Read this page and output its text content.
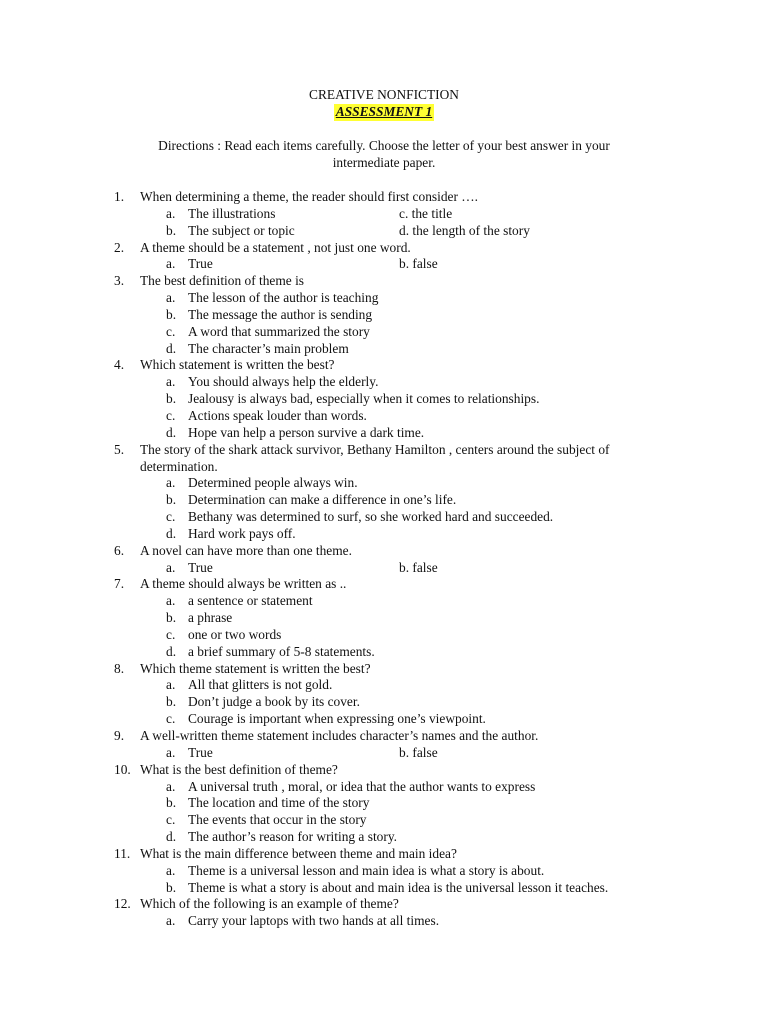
CREATIVE NONFICTION
ASSESSMENT 1
Directions : Read each items carefully. Choose the letter of your best answer in your
intermediate paper.
1.	When determining a theme, the reader should first consider ….
a. The illustrations	c. the title
b. The subject or topic	d. the length of the story
2.	A theme should be a statement , not just one word.
a. True	b. false
3.	The best definition of theme is
a. The lesson of the author is teaching
b. The message the author is sending
c. A word that summarized the story
d. The character’s main problem
4.	Which statement is written the best?
a. You should always help the elderly.
b. Jealousy is always bad, especially when it comes to relationships.
c. Actions speak louder than words.
d. Hope van help a person survive a dark time.
5.	The story of the shark attack survivor, Bethany Hamilton , centers around the subject of determination.
a. Determined people always win.
b. Determination can make a difference in one’s life.
c. Bethany was determined to surf, so she worked hard and succeeded.
d. Hard work pays off.
6.	A novel can have more than one theme.
a. True	b. false
7.	A theme should always be written as ..
a. a sentence or statement
b. a phrase
c. one or two words
d. a brief summary of 5-8 statements.
8.	Which theme statement is written the best?
a. All that glitters is not gold.
b. Don’t judge a book by its cover.
c. Courage is important when expressing one’s viewpoint.
9.	A well-written theme statement includes character’s names and the author.
a. True	b. false
10. What is the best definition of theme?
a. A universal truth , moral, or idea that the author wants to express
b. The location and time of the story
c. The events that occur in the story
d. The author’s reason for writing a story.
11. What is the main difference between theme and main idea?
a. Theme is a universal lesson and main idea is what a story is about.
b. Theme is what a story is about and main idea is the universal lesson it teaches.
12. Which of the following is an example of theme?
a. Carry your laptops with two hands at all times.
